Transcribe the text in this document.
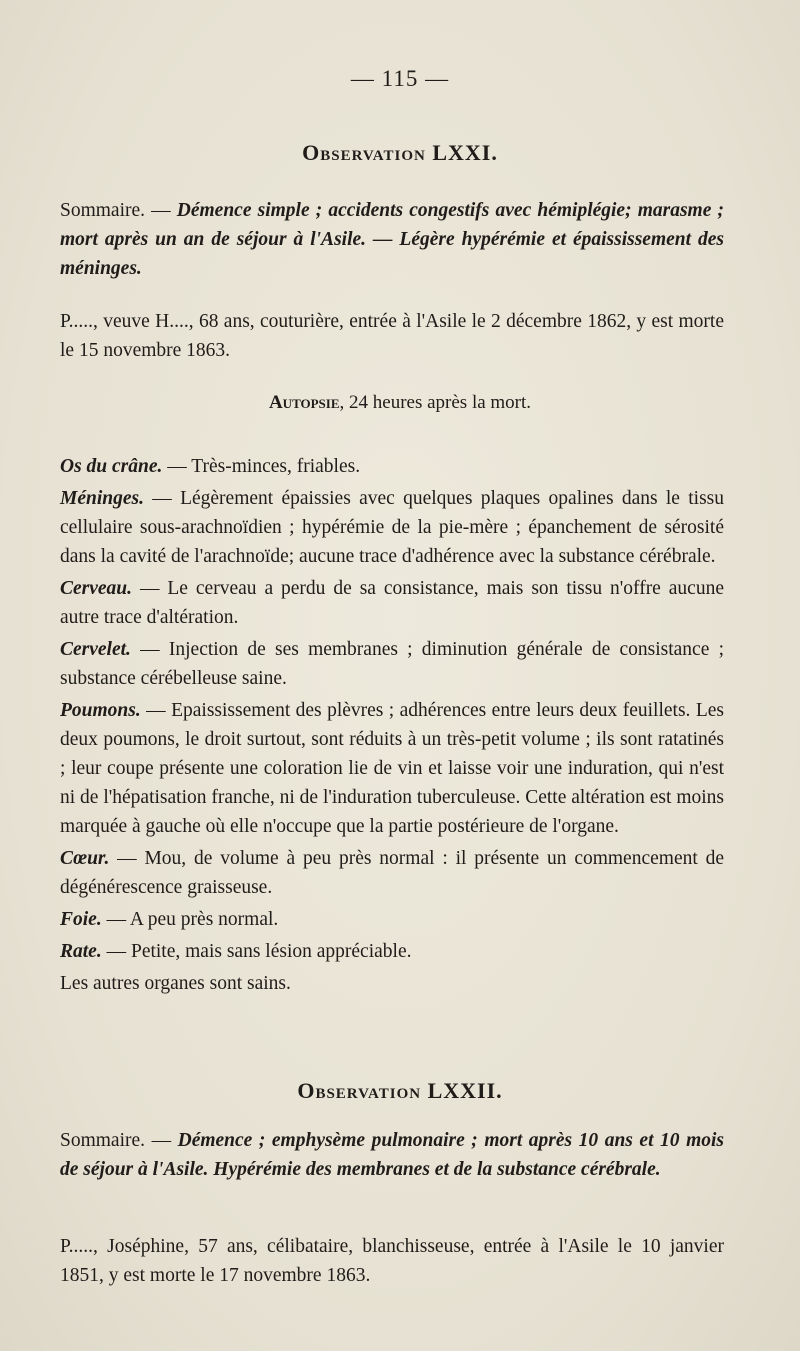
— 115 —
Observation LXXI.

Sommaire. — Démence simple ; accidents congestifs avec hémiplégie; marasme ; mort après un an de séjour à l'Asile. — Légère hypérémie et épaississement des méninges.

P....., veuve H...., 68 ans, couturière, entrée à l'Asile le 2 décembre 1862, y est morte le 15 novembre 1863.

Autopsie, 24 heures après la mort.

Os du crâne. — Très-minces, friables.

Méninges. — Légèrement épaissies avec quelques plaques opalines dans le tissu cellulaire sous-arachnoïdien ; hypérémie de la pie-mère ; épanchement de sérosité dans la cavité de l'arachnoïde; aucune trace d'adhérence avec la substance cérébrale.

Cerveau. — Le cerveau a perdu de sa consistance, mais son tissu n'offre aucune autre trace d'altération.

Cervelet. — Injection de ses membranes ; diminution générale de consistance ; substance cérébelleuse saine.

Poumons. — Epaississement des plèvres ; adhérences entre leurs deux feuillets. Les deux poumons, le droit surtout, sont réduits à un très-petit volume ; ils sont ratatinés ; leur coupe présente une coloration lie de vin et laisse voir une induration, qui n'est ni de l'hépatisation franche, ni de l'induration tuberculeuse. Cette altération est moins marquée à gauche où elle n'occupe que la partie postérieure de l'organe.

Cœur. — Mou, de volume à peu près normal : il présente un commencement de dégénérescence graisseuse.

Foie. — A peu près normal.

Rate. — Petite, mais sans lésion appréciable.

Les autres organes sont sains.

Observation LXXII.

Sommaire. — Démence ; emphysème pulmonaire ; mort après 10 ans et 10 mois de séjour à l'Asile. Hypérémie des membranes et de la substance cérébrale.

P....., Joséphine, 57 ans, célibataire, blanchisseuse, entrée à l'Asile le 10 janvier 1851, y est morte le 17 novembre 1863.
